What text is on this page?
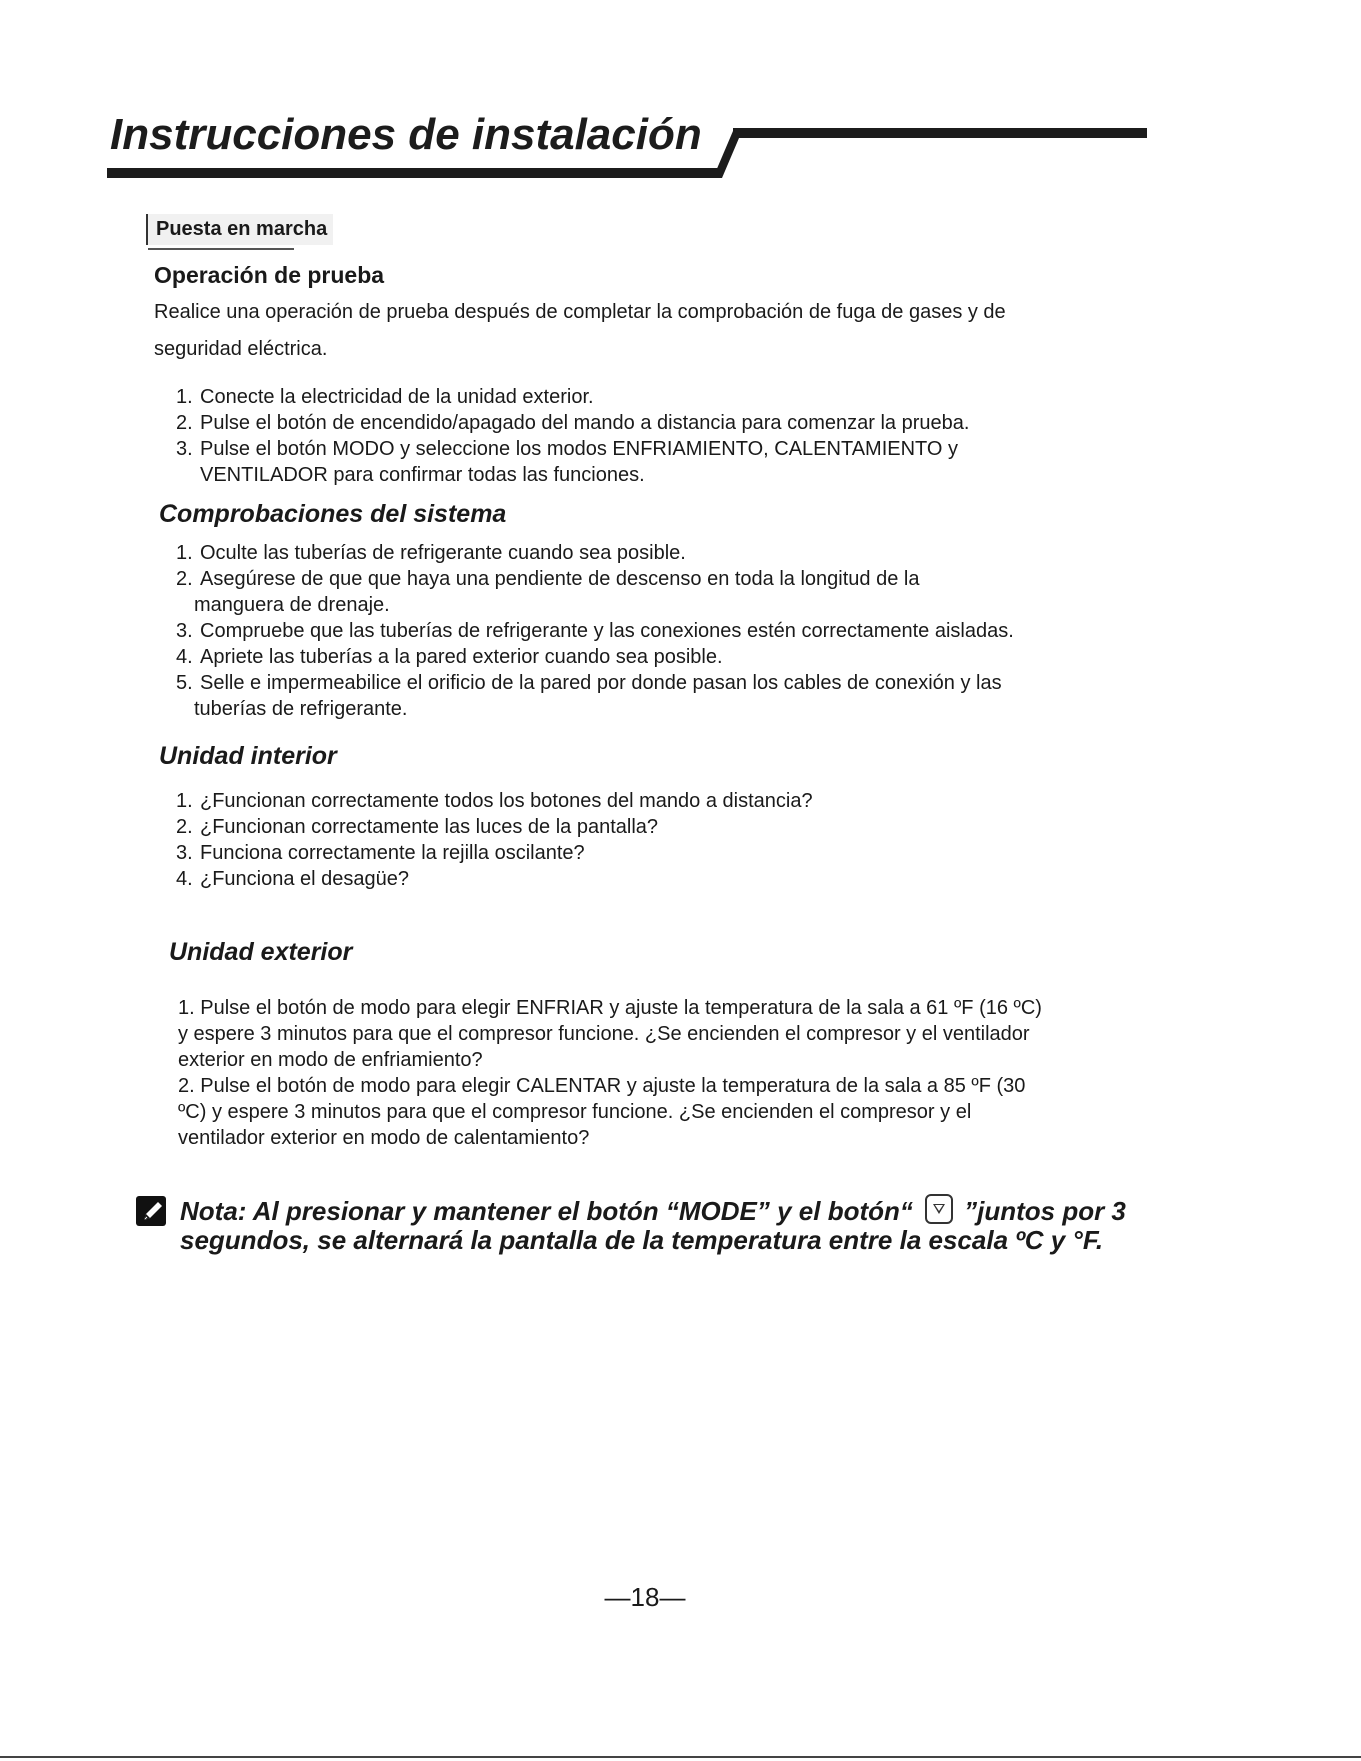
Instrucciones de instalación
Puesta en marcha
Operación de prueba
Realice una operación de prueba después de completar la comprobación de fuga de gases y de
seguridad eléctrica.
1. Conecte la electricidad de la unidad exterior.
2. Pulse el botón de encendido/apagado del mando a distancia para comenzar la prueba.
3. Pulse el botón MODO y seleccione los modos ENFRIAMIENTO, CALENTAMIENTO y
VENTILADOR para confirmar todas las funciones.
Comprobaciones del sistema
1. Oculte las tuberías de refrigerante cuando sea posible.
2. Asegúrese de que que haya una pendiente de descenso en toda la longitud de la
manguera de drenaje.
3. Compruebe que las tuberías de refrigerante y las conexiones estén correctamente aisladas.
4. Apriete las tuberías a la pared exterior cuando sea posible.
5. Selle e impermeabilice el orificio de la pared por donde pasan los cables de conexión y las
tuberías de refrigerante.
Unidad interior
1. ¿Funcionan correctamente todos los botones del mando a distancia?
2. ¿Funcionan correctamente las luces de la pantalla?
3. Funciona correctamente la rejilla oscilante?
4. ¿Funciona el desagüe?
Unidad exterior
1. Pulse el botón de modo para elegir ENFRIAR y ajuste la temperatura de la sala a 61 ºF (16 ºC)
y espere 3 minutos para que el compresor funcione. ¿Se encienden el compresor y el ventilador
exterior en modo de enfriamiento?
2. Pulse el botón de modo para elegir CALENTAR y ajuste la temperatura de la sala a 85 ºF (30
ºC) y espere 3 minutos para que el compresor funcione. ¿Se encienden el compresor y el
ventilador exterior en modo de calentamiento?
Nota: Al presionar y mantener el botón “MODE” y el botón“
”juntos por 3
segundos, se alternará la pantalla de la temperatura entre la escala ºC y °F.
—18—
